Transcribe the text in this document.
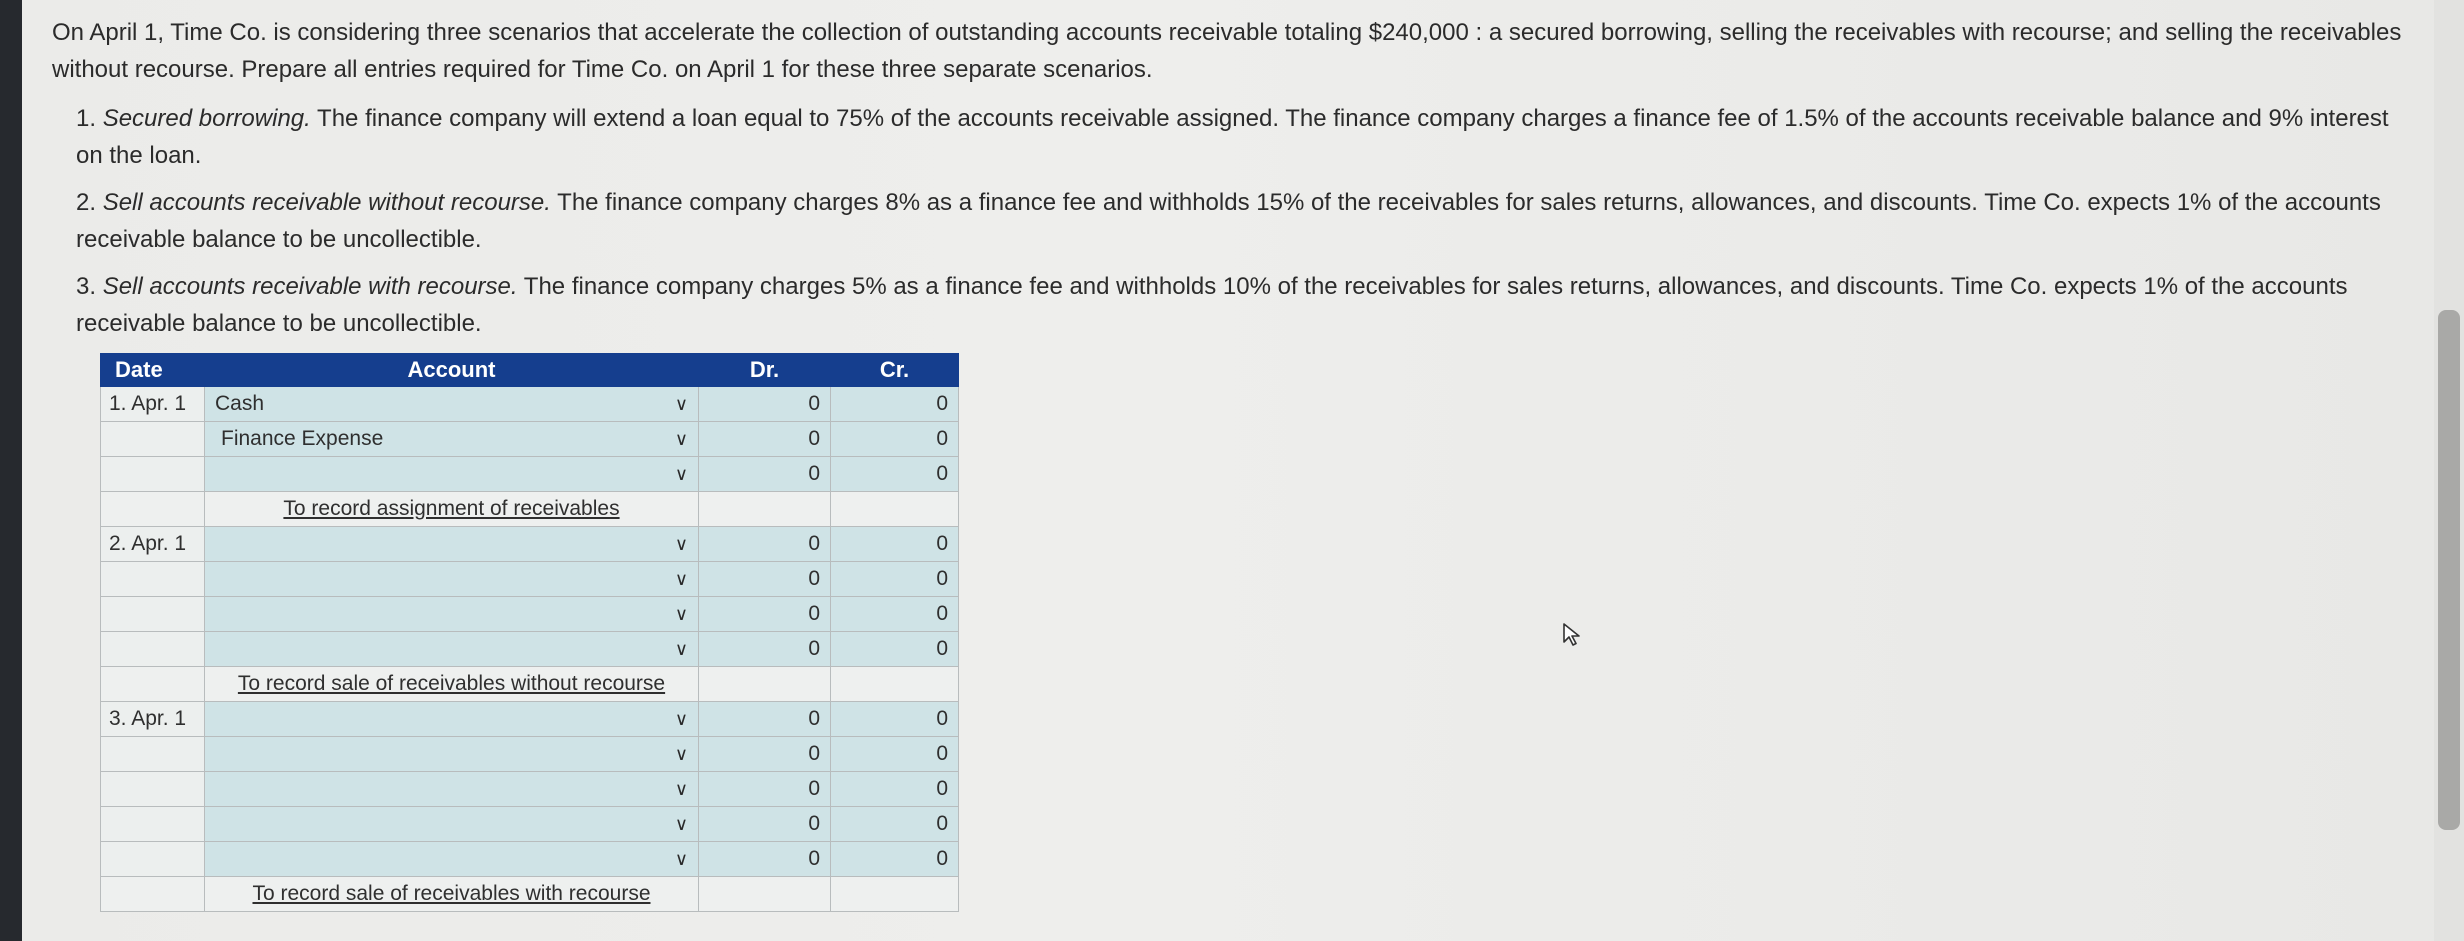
On April 1, Time Co. is considering three scenarios that accelerate the collection of outstanding accounts receivable totaling $240,000 : a secured borrowing, selling the receivables with recourse; and selling the receivables without recourse. Prepare all entries required for Time Co. on April 1 for these three separate scenarios.

1. Secured borrowing. The finance company will extend a loan equal to 75% of the accounts receivable assigned. The finance company charges a finance fee of 1.5% of the accounts receivable balance and 9% interest on the loan.

2. Sell accounts receivable without recourse. The finance company charges 8% as a finance fee and withholds 15% of the receivables for sales returns, allowances, and discounts. Time Co. expects 1% of the accounts receivable balance to be uncollectible.

3. Sell accounts receivable with recourse. The finance company charges 5% as a finance fee and withholds 10% of the receivables for sales returns, allowances, and discounts. Time Co. expects 1% of the accounts receivable balance to be uncollectible.

Date	Account	Dr.	Cr.
1. Apr. 1	Cash ∨	0	0

	Finance Expense ∨	0	0

	∨	0	0
	To record assignment of receivables		
2. Apr. 1	∨	0	0

	∨	0	0

	∨	0	0

	∨	0	0
	To record sale of receivables without recourse		
3. Apr. 1	∨	0	0

	∨	0	0

	∨	0	0

	∨	0	0

	∨	0	0
	To record sale of receivables with recourse		
